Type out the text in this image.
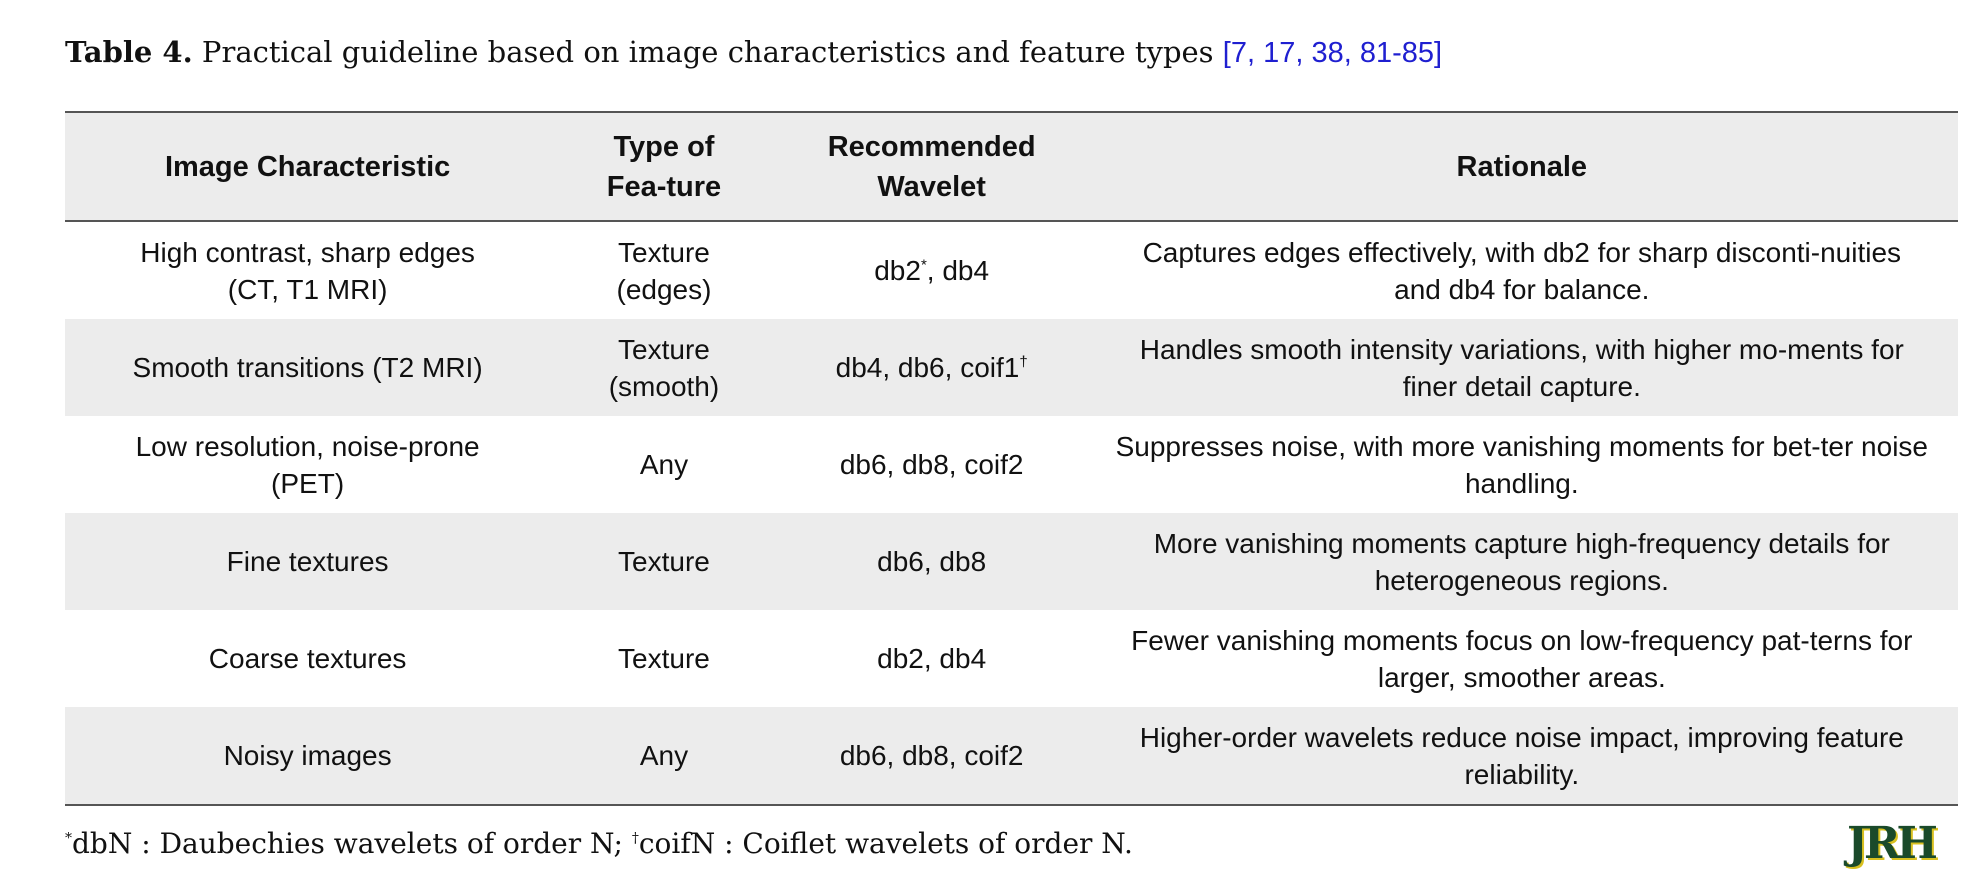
Table 4. Practical guideline based on image characteristics and feature types [7, 17, 38, 81-85]
Image Characteristic	Type of Fea-ture	Recommended Wavelet	Rationale
High contrast, sharp edges (CT, T1 MRI)	Texture (edges)	db2*, db4	Captures edges effectively, with db2 for sharp disconti-nuities and db4 for balance.
Smooth transitions (T2 MRI)	Texture (smooth)	db4, db6, coif1†	Handles smooth intensity variations, with higher mo-ments for finer detail capture.
Low resolution, noise-prone (PET)	Any	db6, db8, coif2	Suppresses noise, with more vanishing moments for bet-ter noise handling.
Fine textures	Texture	db6, db8	More vanishing moments capture high-frequency details for heterogeneous regions.
Coarse textures	Texture	db2, db4	Fewer vanishing moments focus on low-frequency pat-terns for larger, smoother areas.
Noisy images	Any	db6, db8, coif2	Higher-order wavelets reduce noise impact, improving feature reliability.
*dbN : Daubechies wavelets of order N; †coifN : Coiflet wavelets of order N.	JRH
